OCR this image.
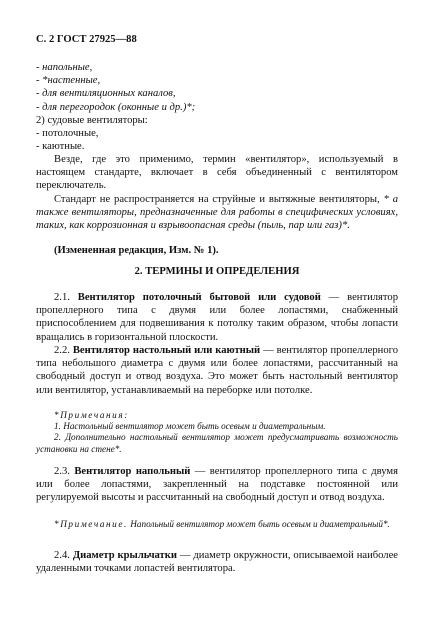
С. 2 ГОСТ 27925—88
- напольные,
- *настенные,
- для вентиляционных каналов,
- для перегородок (оконные и др.)*;
2) судовые вентиляторы:
- потолочные,
- каютные.
Везде, где это применимо, термин «вентилятор», используемый в настоящем стандарте, включает в себя объединенный с вентилятором переключатель.
Стандарт не распространяется на струйные и вытяжные вентиляторы, * а также вентиляторы, предназначенные для работы в специфических условиях, таких, как коррозионная и взрывоопасная среды (пыль, пар или газ)*.
(Измененная редакция, Изм. № 1).
2. ТЕРМИНЫ И ОПРЕДЕЛЕНИЯ
2.1. Вентилятор потолочный бытовой или судовой — вентилятор пропеллерного типа с двумя или более лопастями, снабженный приспособлением для подвешивания к потолку таким образом, чтобы лопасти вращались в горизонтальной плоскости.
2.2. Вентилятор настольный или каютный — вентилятор пропеллерного типа небольшого диаметра с двумя или более лопастями, рассчитанный на свободный доступ и отвод воздуха. Это может быть настольный вентилятор или вентилятор, устанавливаемый на переборке или потолке.
*Примечания:
1. Настольный вентилятор может быть осевым и диаметральным.
2. Дополнительно настольный вентилятор может предусматривать возможность установки на стене*.
2.3. Вентилятор напольный — вентилятор пропеллерного типа с двумя или более лопастями, закрепленный на подставке постоянной или регулируемой высоты и рассчитанный на свободный доступ и отвод воздуха.
*Примечание. Напольный вентилятор может быть осевым и диаметральный*.
2.4. Диаметр крыльчатки — диаметр окружности, описываемой наиболее удаленными точками лопастей вентилятора.
